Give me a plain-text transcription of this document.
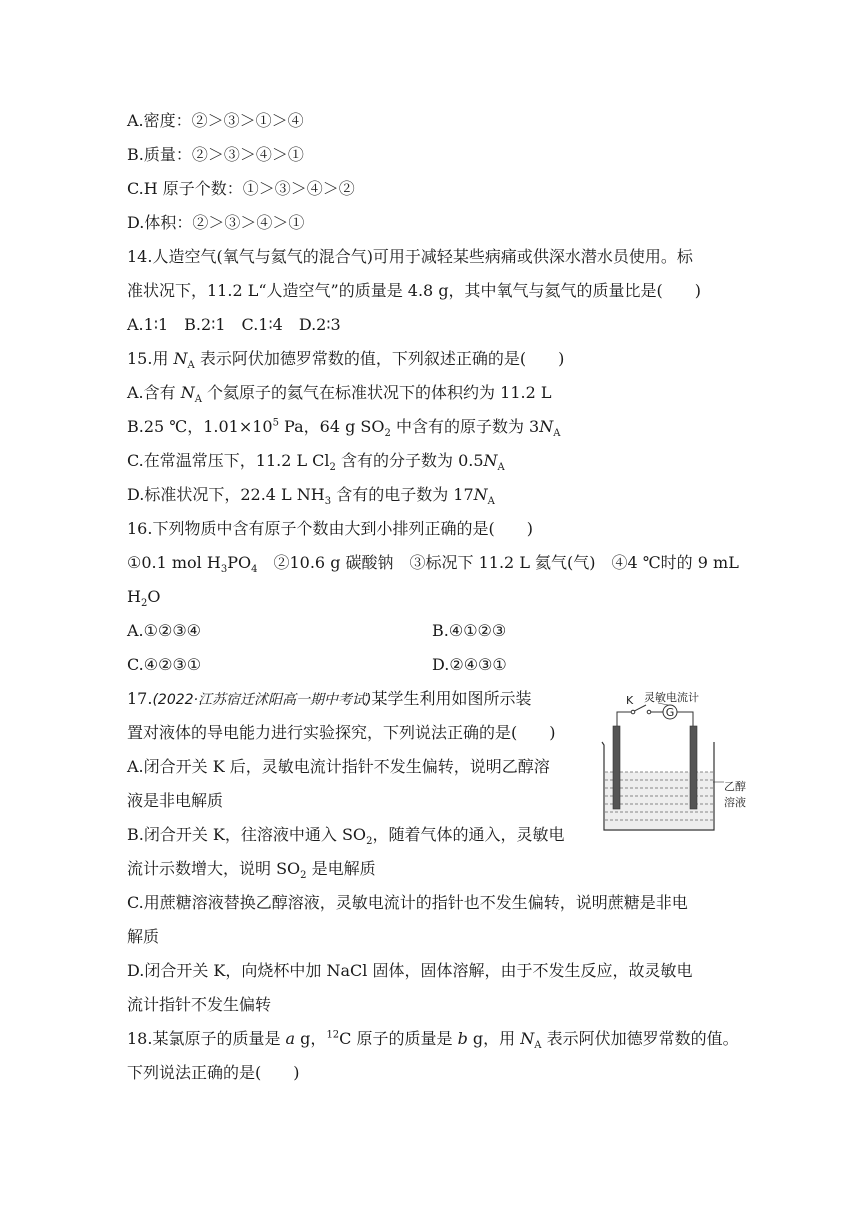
A.密度：②＞③＞①＞④
B.质量：②＞③＞④＞①
C.H 原子个数：①＞③＞④＞②
D.体积：②＞③＞④＞①
14.人造空气(氧气与氦气的混合气)可用于减轻某些病痛或供深水潜水员使用。标
准状况下，11.2 L“人造空气”的质量是 4.8 g，其中氧气与氦气的质量比是(　　)
A.1∶1　B.2∶1　C.1∶4　D.2∶3
15.用 $N_A$ 表示阿伏加德罗常数的值，下列叙述正确的是(　　)
A.含有 $N_A$ 个氦原子的氦气在标准状况下的体积约为 11.2 L
B.25 ℃，$1.01\times 10^5$ Pa，64 g $SO_2$ 中含有的原子数为 $3N_A$
C.在常温常压下，11.2 L $Cl_2$ 含有的分子数为 $0.5N_A$
D.标准状况下，22.4 L $NH_3$ 含有的电子数为 $17N_A$
16.下列物质中含有原子个数由大到小排列正确的是(　　)
①0.1 mol $H_3PO_4$　②10.6 g 碳酸钠　③标况下 11.2 L 氦气(气)　④4 ℃时的 9 mL
$H_2O$
A.①②③④	B.④①②③
C.④②③①	D.②④③①
17.(2022·江苏宿迁沭阳高一期中考试)某学生利用如图所示装
置对液体的导电能力进行实验探究，下列说法正确的是(　　)
A.闭合开关 K 后，灵敏电流计指针不发生偏转，说明乙醇溶
液是非电解质
B.闭合开关 K，往溶液中通入 $SO_2$，随着气体的通入，灵敏电
流计示数增大，说明 $SO_2$ 是电解质
C.用蔗糖溶液替换乙醇溶液，灵敏电流计的指针也不发生偏转，说明蔗糖是非电
解质
D.闭合开关 K，向烧杯中加 NaCl 固体，固体溶解，由于不发生反应，故灵敏电
流计指针不发生偏转
18.某氯原子的质量是 a g，$^{12}$C 原子的质量是 b g，用 $N_A$ 表示阿伏加德罗常数的值。
下列说法正确的是(　　)
G
K 灵敏电流计
乙醇
溶液
